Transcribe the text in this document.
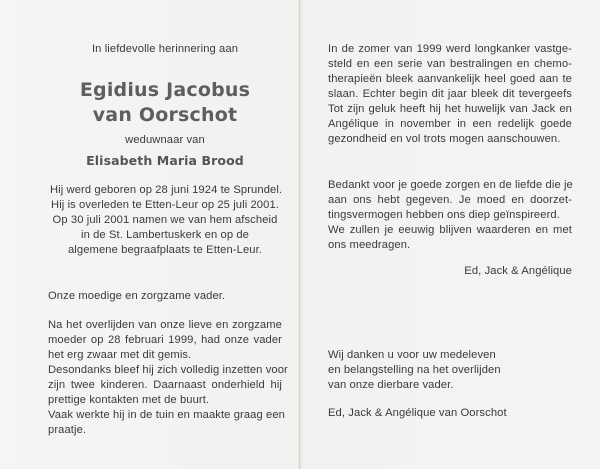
In liefdevolle herinnering aan

Egidius Jacobus
van Oorschot

weduwnaar van

Elisabeth Maria Brood
Hij werd geboren op 28 juni 1924 te Sprundel.
Hij is overleden te Etten-Leur op 25 juli 2001.
Op 30 juli 2001 namen we van hem afscheid
in de St. Lambertuskerk en op de
algemene begraafplaats te Etten-Leur.

Onze moedige en zorgzame vader.

Na het overlijden van onze lieve en zorgzame
moeder op 28 februari 1999, had onze vader
het erg zwaar met dit gemis.
Desondanks bleef hij zich volledig inzetten voor
zijn twee kinderen. Daarnaast onderhield hij
prettige kontakten met de buurt.
Vaak werkte hij in de tuin en maakte graag een
praatje.
In de zomer van 1999 werd longkanker vastge-
steld en een serie van bestralingen en chemo-
therapieën bleek aanvankelijk heel goed aan te
slaan. Echter begin dit jaar bleek dit tevergeefs
Tot zijn geluk heeft hij het huwelijk van Jack en
Angélique in november in een redelijk goede
gezondheid en vol trots mogen aanschouwen.
Bedankt voor je goede zorgen en de liefde die je
aan ons hebt gegeven. Je moed en doorzet-
tingsvermogen hebben ons diep geïnspireerd.
We zullen je eeuwig blijven waarderen en met
ons meedragen.

Ed, Jack & Angélique

Wij danken u voor uw medeleven
en belangstelling na het overlijden
van onze dierbare vader.

Ed, Jack & Angélique van Oorschot
